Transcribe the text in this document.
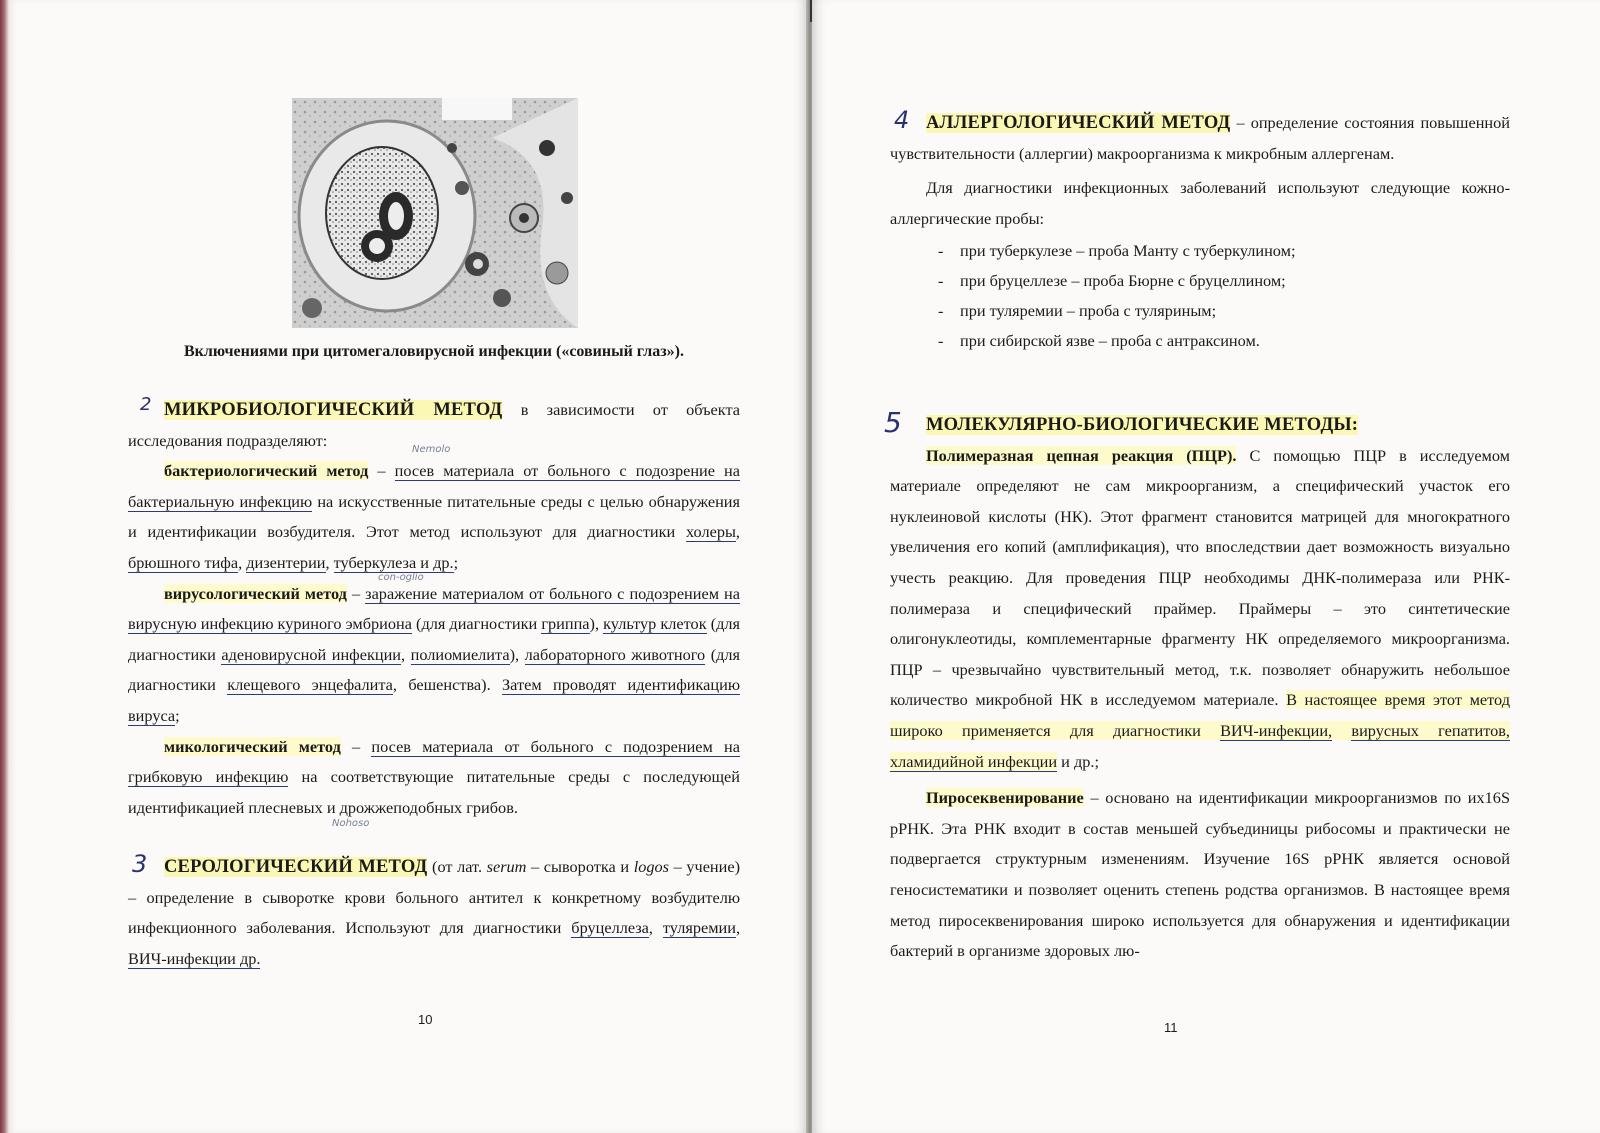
Включениями при цитомегаловирусной инфекции («совиный глаз»).
2
Nemolo
con-oglio
Nohoso
3

МИКРОБИОЛОГИЧЕСКИЙ МЕТОД в зависимости от объекта исследования подразделяют:

бактериологический метод – посев материала от больного с подозрение на бактериальную инфекцию на искусственные питательные среды с целью обнаружения и идентификации возбудителя. Этот метод используют для диагностики холеры, брюшного тифа, дизентерии, туберкулеза и др.;

вирусологический метод – заражение материалом от больного с подозрением на вирусную инфекцию куриного эмбриона (для диагностики гриппа), культур клеток (для диагностики аденовирусной инфекции, полиомиелита), лабораторного животного (для диагностики клещевого энцефалита, бешенства). Затем проводят идентификацию вируса;

микологический метод – посев материала от больного с подозрением на грибковую инфекцию на соответствующие питательные среды с последующей идентификацией плесневых и дрожжеподобных грибов.

СЕРОЛОГИЧЕСКИЙ МЕТОД (от лат. serum – сыворотка и logos – учение) – определение в сыворотке крови больного антител к конкретному возбудителю инфекционного заболевания. Используют для диагностики бруцеллеза, туляремии, ВИЧ-инфекции др.

10
4
5

АЛЛЕРГОЛОГИЧЕСКИЙ МЕТОД – определение состояния повышенной чувствительности (аллергии) макроорганизма к микробным аллергенам.

Для диагностики инфекционных заболеваний используют следующие кожно-аллергические пробы:

- при туберкулезе – проба Манту с туберкулином;
- при бруцеллезе – проба Бюрне с бруцеллином;
- при туляремии – проба с туляриным;
- при сибирской язве – проба с антраксином.

МОЛЕКУЛЯРНО-БИОЛОГИЧЕСКИЕ МЕТОДЫ:

Полимеразная цепная реакция (ПЦР). С помощью ПЦР в исследуемом материале определяют не сам микроорганизм, а специфический участок его нуклеиновой кислоты (НК). Этот фрагмент становится матрицей для многократного увеличения его копий (амплификация), что впоследствии дает возможность визуально учесть реакцию. Для проведения ПЦР необходимы ДНК-полимераза или РНК-полимераза и специфический праймер. Праймеры – это синтетические олигонуклеотиды, комплементарные фрагменту НК определяемого микроорганизма. ПЦР – чрезвычайно чувствительный метод, т.к. позволяет обнаружить небольшое количество микробной НК в исследуемом материале. В настоящее время этот метод широко применяется для диагностики ВИЧ-инфекции, вирусных гепатитов, хламидийной инфекции и др.;

Пиросеквенирование – основано на идентификации микроорганизмов по их16S рРНК. Эта РНК входит в состав меньшей субъединицы рибосомы и практически не подвергается структурным изменениям. Изучение 16S рРНК является основой геносистематики и позволяет оценить степень родства организмов. В настоящее время метод пиросеквенирования широко используется для обнаружения и идентификации бактерий в организме здоровых лю-

11
